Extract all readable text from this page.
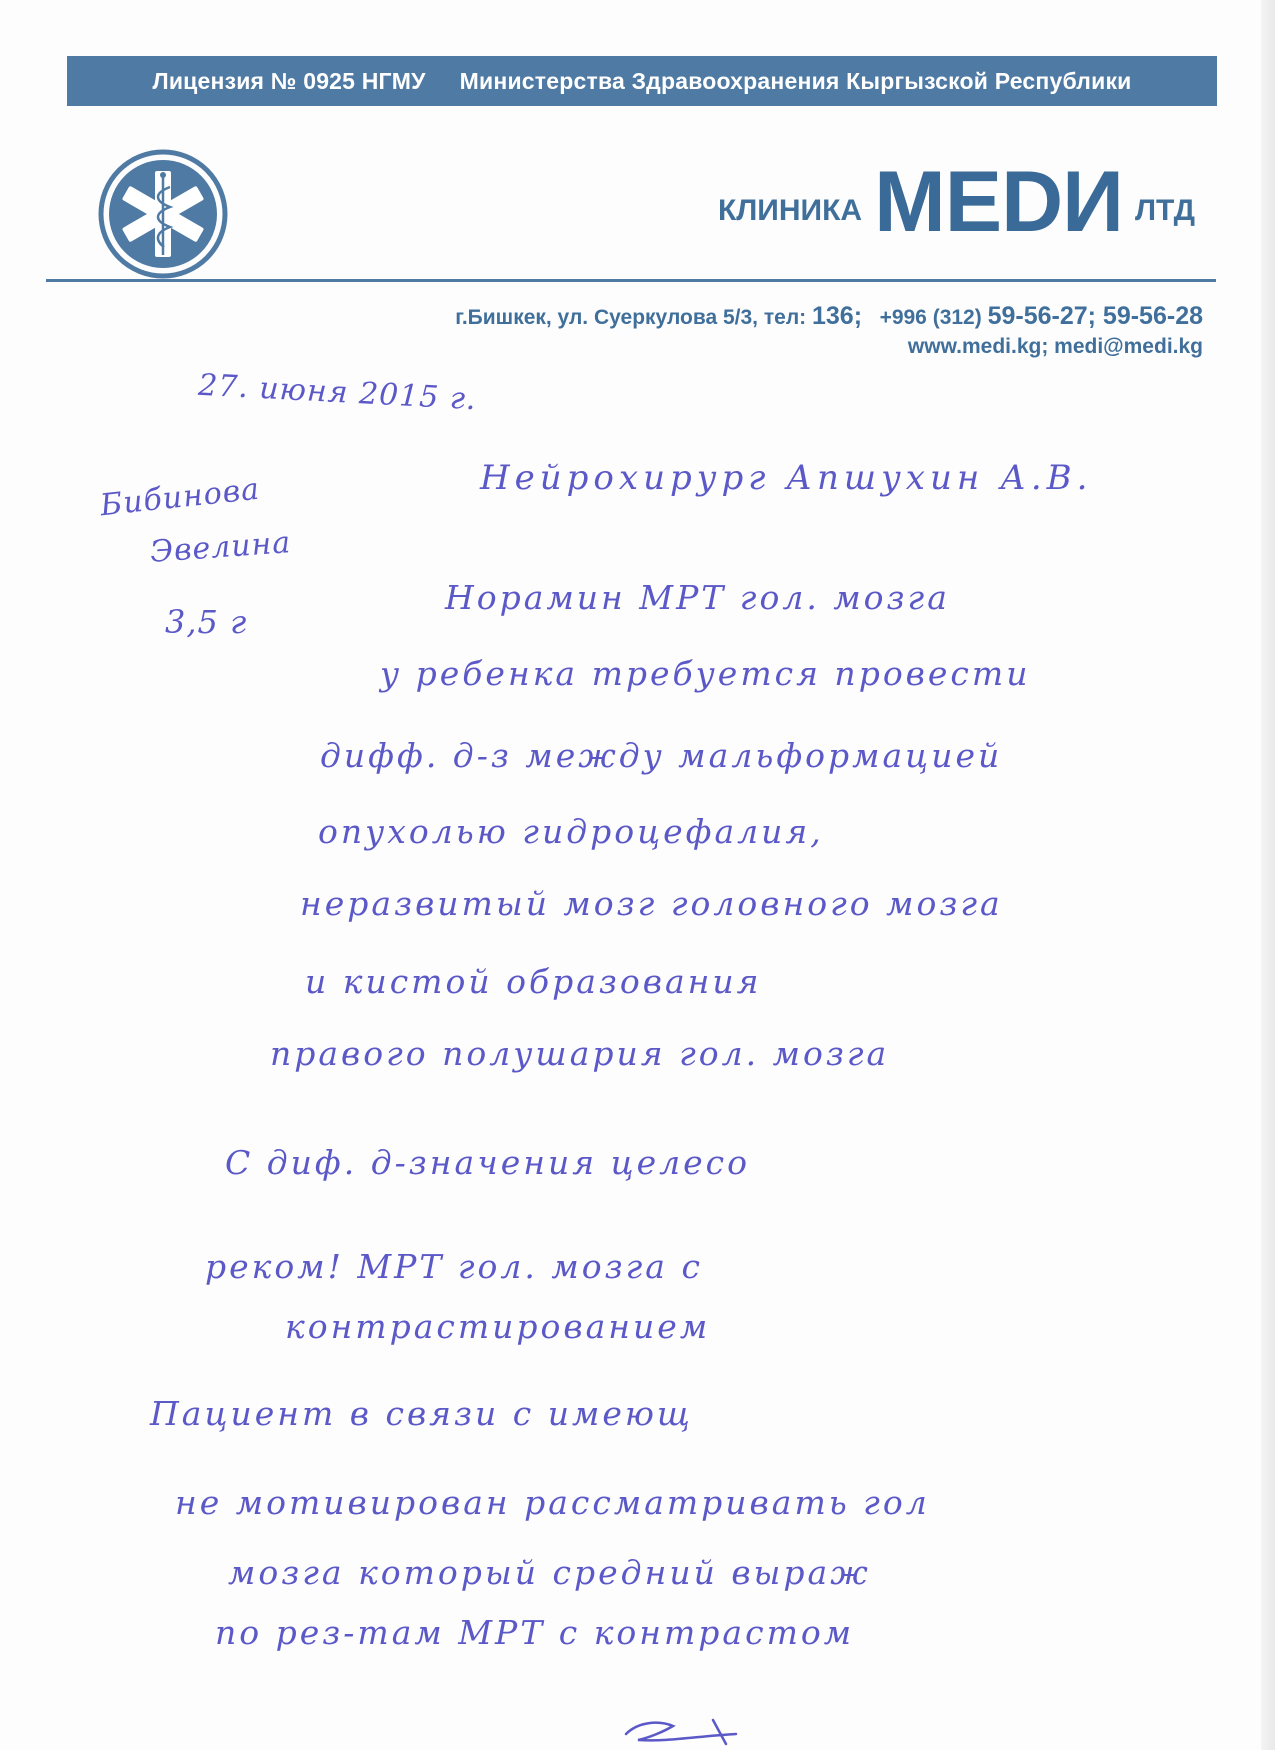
Лицензия № 0925 НГМУ Министерства Здравоохранения Кыргызской Республики
КЛИНИКА MEDИ ЛТД
г.Бишкек, ул. Суеркулова 5/3, тел: 136; +996 (312) 59-56-27; 59-56-28
www.medi.kg; medi@medi.kg
27. июня 2015 г.
Бибинова
Эвелина
3,5 г
Нейрохирург Апшухин А.В.
Норамин МРТ гол. мозга
у ребенка требуется провести
дифф. д-з между мальформацией
опухолью гидроцефалия,
неразвитый мозг головного мозга
и кистой образования
правого полушария гол. мозга
С диф. д-значения целесо
реком! МРТ гол. мозга с
контрастированием
Пациент в связи с имеющ
не мотивирован рассматривать гол
мозга который средний выраж
по рез-там МРТ с контрастом
